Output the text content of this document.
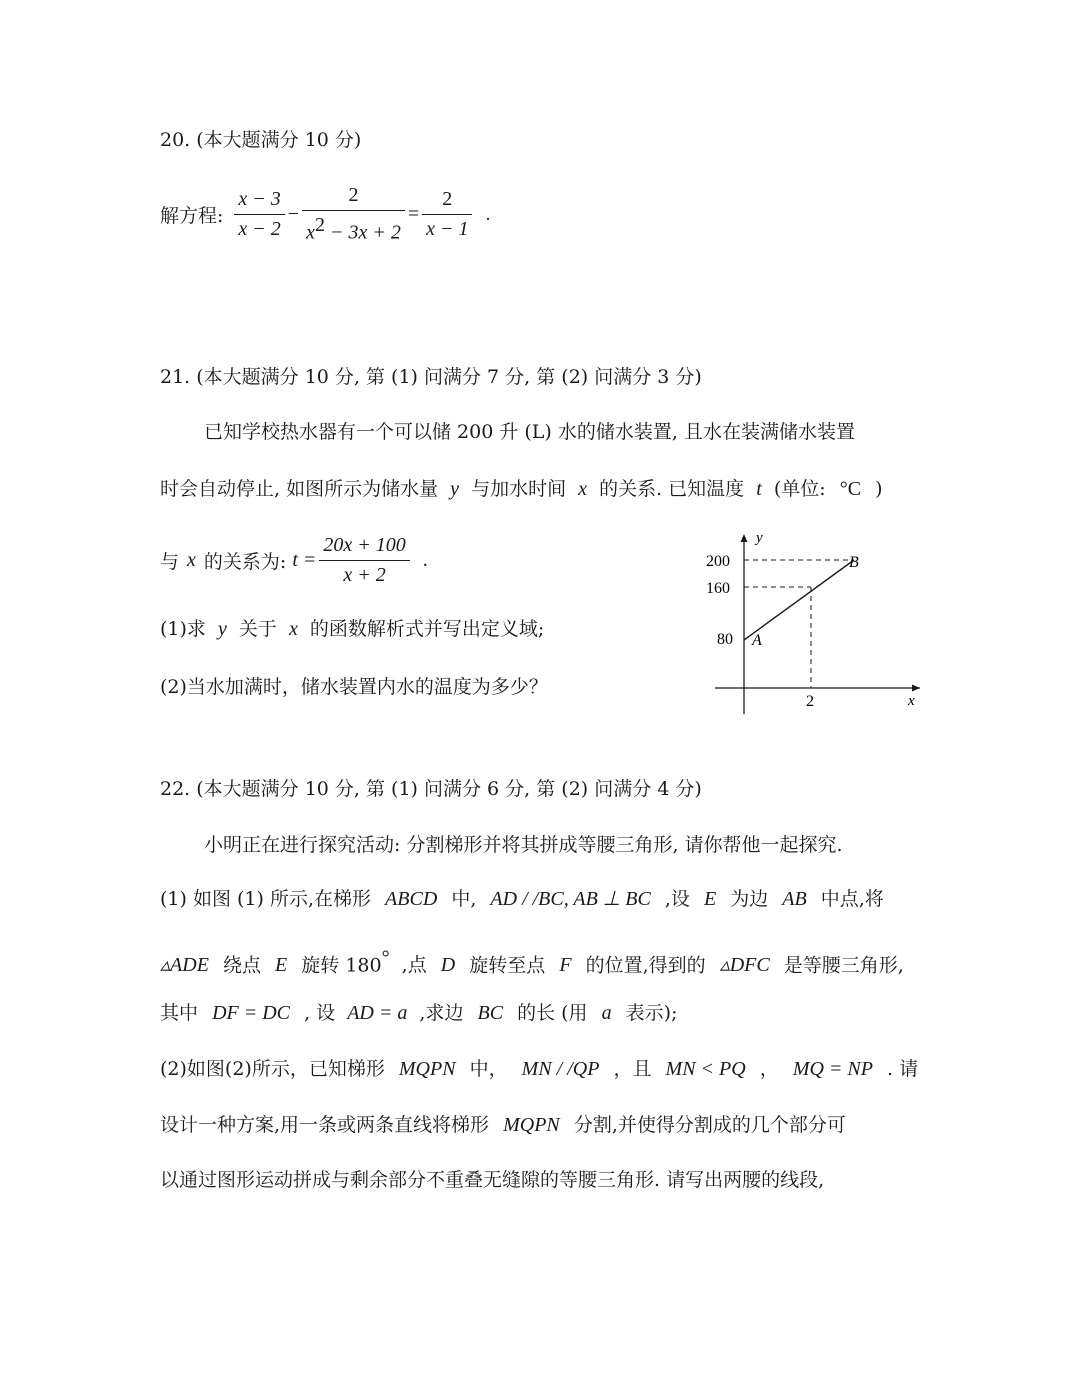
20. (本大题满分 10 分)
解方程: $\frac{x - 3}{x - 2} - \frac{2}{x^2 - 3x + 2} = \frac{2}{x - 1}$ .
21. (本大题满分 10 分, 第 (1) 问满分 7 分, 第 (2) 问满分 3 分)
已知学校热水器有一个可以储 200 升 (L) 水的储水装置, 且水在装满储水装置
时会自动停止, 如图所示为储水量 y 与加水时间 x 的关系. 已知温度 t (单位: °C )
与 x 的关系为: $t = \frac{20x + 100}{x + 2}$ .
(1)求 y 关于 x 的函数解析式并写出定义域;
(2)当水加满时，储水装置内水的温度为多少？
y
x
200
160
80
2
A
B
22. (本大题满分 10 分, 第 (1) 问满分 6 分, 第 (2) 问满分 4 分)
小明正在进行探究活动: 分割梯形并将其拼成等腰三角形, 请你帮他一起探究.
(1) 如图 (1) 所示,在梯形 ABCD 中, AD / /BC, AB ⊥ BC ,设 E 为边 AB 中点,将
▵ADE 绕点 E 旋转 180° ,点 D 旋转至点 F 的位置,得到的 ▵DFC 是等腰三角形,
其中 DF = DC , 设 AD = a ,求边 BC 的长 (用 a 表示);
(2)如图(2)所示，已知梯形 MQPN 中， MN / /QP ，且 MN < PQ ， MQ = NP . 请
设计一种方案,用一条或两条直线将梯形 MQPN 分割,并使得分割成的几个部分可
以通过图形运动拼成与剩余部分不重叠无缝隙的等腰三角形. 请写出两腰的线段,
